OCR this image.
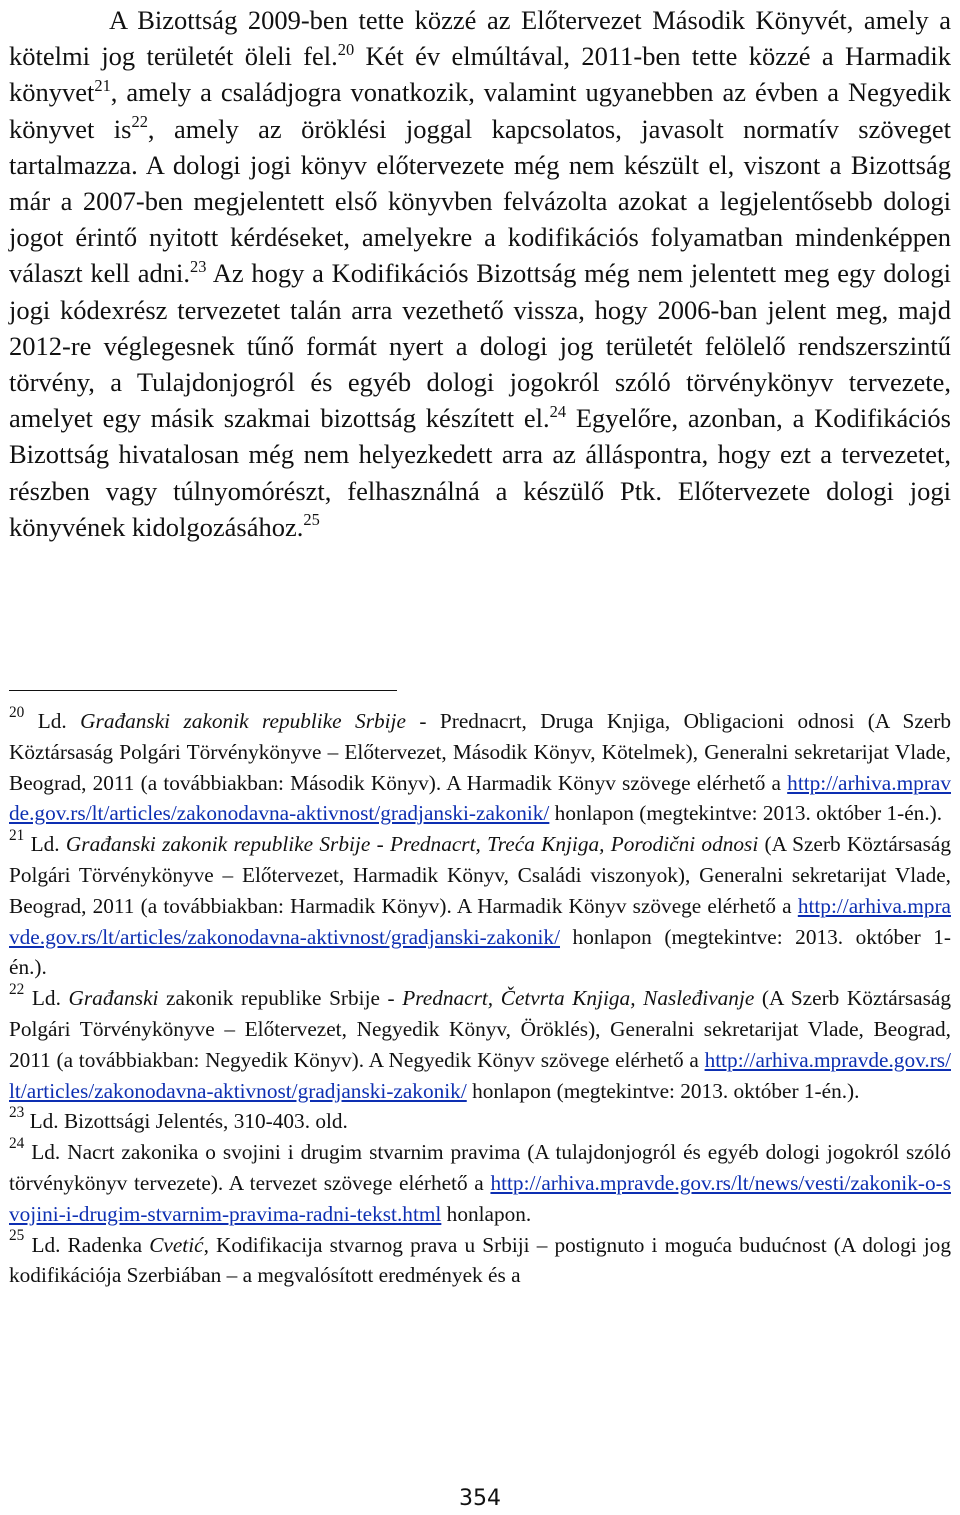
A Bizottság 2009-ben tette közzé az Előtervezet Második Könyvét, amely a kötelmi jog területét öleli fel.$^{20}$ Két év elmúltával, 2011-ben tette közzé a Harmadik könyvet$^{21}$, amely a családjogra vonatkozik, valamint ugyanebben az évben a Negyedik könyvet $is^{22}$, amely az öröklési joggal kapcsolatos, javasolt normatív szöveget tartalmazza. A dologi jogi könyv előtervezete még nem készült el, viszont a Bizottság már a 2007-ben megjelentett első könyvben felvázolta azokat a legjelentősebb dologi jogot érintő nyitott kérdéseket, amelyekre a kodifikációs folyamatban mindenképpen választ kell adni.$^{23}$ Az hogy a Kodifikációs Bizottság még nem jelentett meg egy dologi jogi kódexrész tervezetet talán arra vezethető vissza, hogy 2006-ban jelent meg, majd 2012-re véglegesnek tűnő formát nyert a dologi jog területét felölelő rendszerszintű törvény, a Tulajdonjogról és egyéb dologi jogokról szóló törvénykönyv tervezete, amelyet egy másik szakmai bizottság készített el.$^{24}$ Egyelőre, azonban, a Kodifikációs Bizottság hivatalosan még nem helyezkedett arra az álláspontra, hogy ezt a tervezetet, részben vagy túlnyomórészt, felhasználná a készülő Ptk. Előtervezete dologi jogi könyvének kidolgozásához.$^{25}$

$^{20}$ Ld. Građanski zakonik republike Srbije - Prednacrt, Druga Knjiga, Obligacioni odnosi (A Szerb Köztársaság Polgári Törvénykönyve – Előtervezet, Második Könyv, Kötelmek), Generalni sekretarijat Vlade, Beograd, 2011 (a továbbiakban: Második Könyv). A Harmadik Könyv szövege elérhető a http://arhiva.mpravde.gov.rs/lt/articles/zakonodavna-aktivnost/gradjanski-zakonik/ honlapon (megtekintve: 2013. október 1-én.).

$^{21}$ Ld. Građanski zakonik republike Srbije - Prednacrt, Treća Knjiga, Porodični odnosi (A Szerb Köztársaság Polgári Törvénykönyve – Előtervezet, Harmadik Könyv, Családi viszonyok), Generalni sekretarijat Vlade, Beograd, 2011 (a továbbiakban: Harmadik Könyv). A Harmadik Könyv szövege elérhető a http://arhiva.mpravde.gov.rs/lt/articles/zakonodavna-aktivnost/gradjanski-zakonik/ honlapon (megtekintve: 2013. október 1-én.).

$^{22}$ Ld. Građanski zakonik republike Srbije - Prednacrt, Četvrta Knjiga, Nasleđivanje (A Szerb Köztársaság Polgári Törvénykönyve – Előtervezet, Negyedik Könyv, Öröklés), Generalni sekretarijat Vlade, Beograd, 2011 (a továbbiakban: Negyedik Könyv). A Negyedik Könyv szövege elérhető a http://arhiva.mpravde.gov.rs/lt/articles/zakonodavna-aktivnost/gradjanski-zakonik/ honlapon (megtekintve: 2013. október 1-én.).

$^{23}$ Ld. Bizottsági Jelentés, 310-403. old.

$^{24}$ Ld. Nacrt zakonika o svojini i drugim stvarnim pravima (A tulajdonjogról és egyéb dologi jogokról szóló törvénykönyv tervezete). A tervezet szövege elérhető a http://arhiva.mpravde.gov.rs/lt/news/vesti/zakonik-o-svojini-i-drugim-stvarnim-pravima-radni-tekst.html honlapon.

$^{25}$ Ld. Radenka Cvetić, Kodifikacija stvarnog prava u Srbiji – postignuto i moguća budućnost (A dologi jog kodifikációja Szerbiában – a megvalósított eredmények és a

354
